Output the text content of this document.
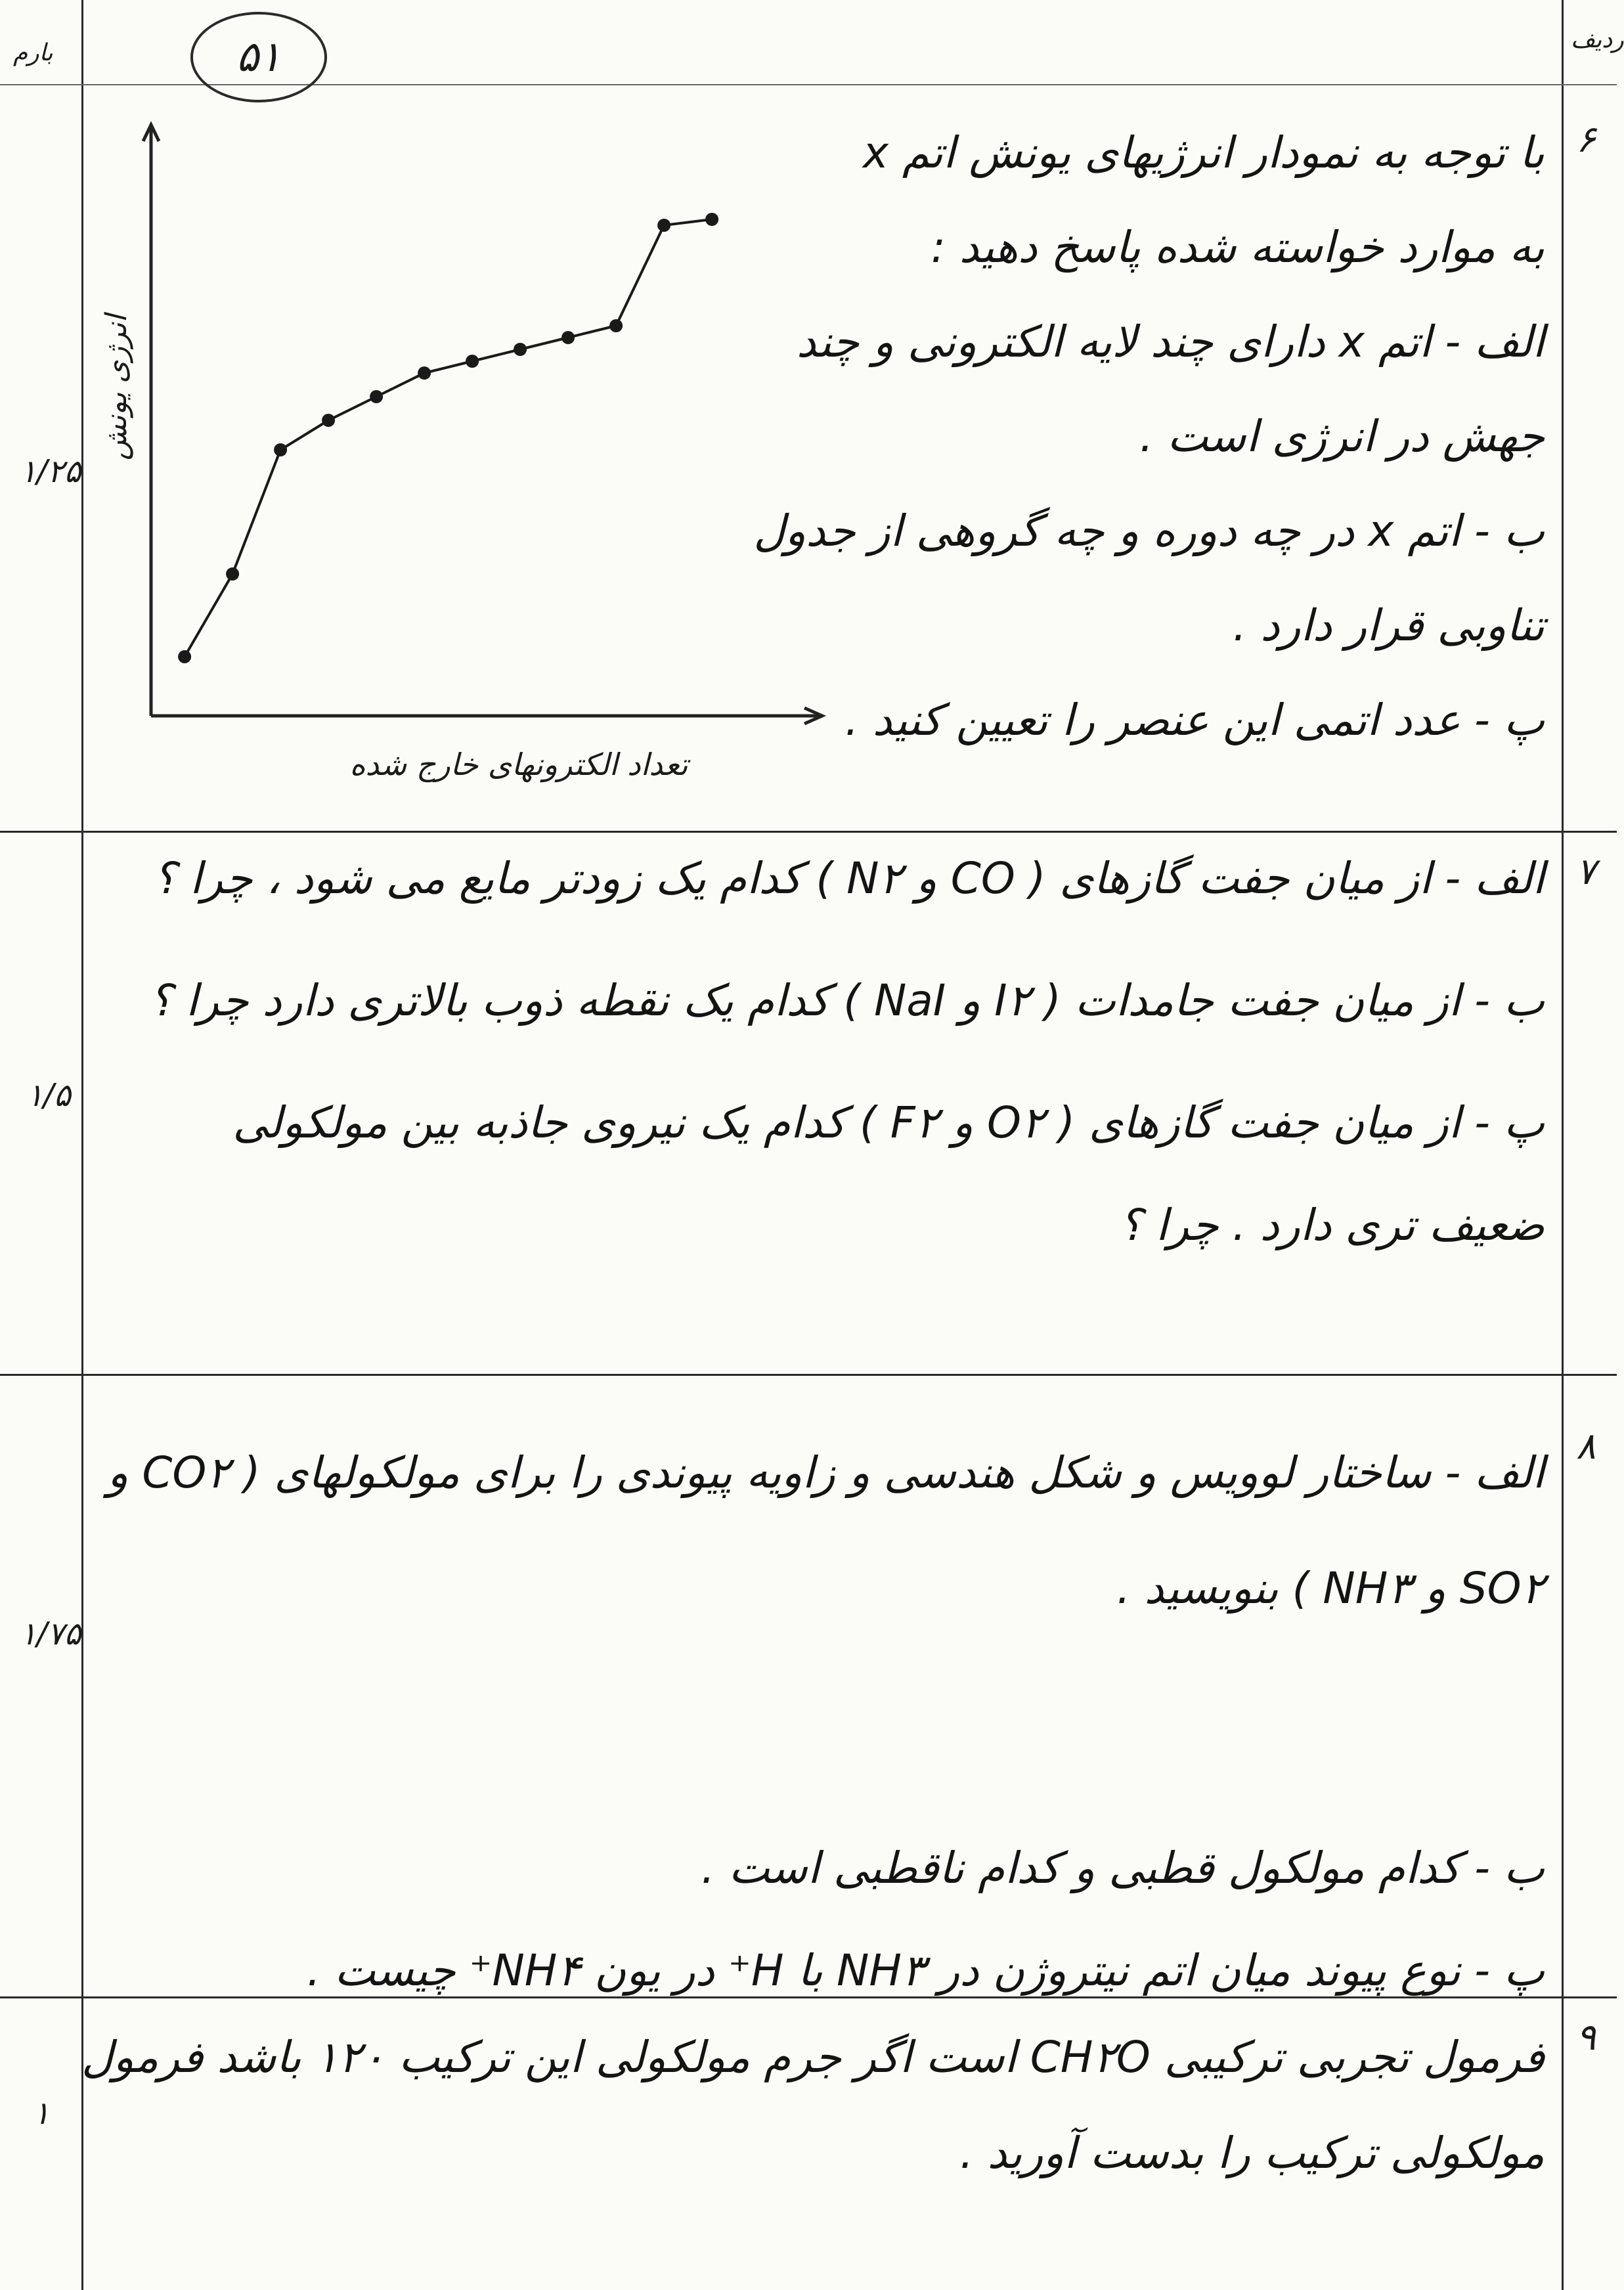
بارم	ردیف
۵۱
۶
۱/۲۵
با توجه به نمودار انرژیهای یونش اتم x
به موارد خواسته شده پاسخ دهید :
الف - اتم x دارای چند لایه الکترونی و چند
جهش در انرژی است .
ب - اتم x در چه دوره و چه گروهی از جدول
تناوبی قرار دارد .
پ - عدد اتمی این عنصر را تعیین کنید .
انرژی یونش
تعداد الکترونهای خارج شده
۷
۱/۵
الف - از میان جفت گازهای ( CO و N۲ ) کدام یک زودتر مایع می شود ، چرا ؟
ب - از میان جفت جامدات ( I۲ و NaI ) کدام یک نقطه ذوب بالاتری دارد چرا ؟
پ - از میان جفت گازهای ( O۲ و F۲ ) کدام یک نیروی جاذبه بین مولکولی
ضعیف تری دارد . چرا ؟
۸
۱/۷۵
الف - ساختار لوویس و شکل هندسی و زاویه پیوندی را برای مولکولهای ( CO۲ و
SO۲ و NH۳ ) بنویسید .
ب - کدام مولکول قطبی و کدام ناقطبی است .
پ - نوع پیوند میان اتم نیتروژن در NH۳ با H⁺ در یون NH۴⁺ چیست .
۹
۱
فرمول تجربی ترکیبی CH۲O است اگر جرم مولکولی این ترکیب ۱۲۰ باشد فرمول
مولکولی ترکیب را بدست آورید .
